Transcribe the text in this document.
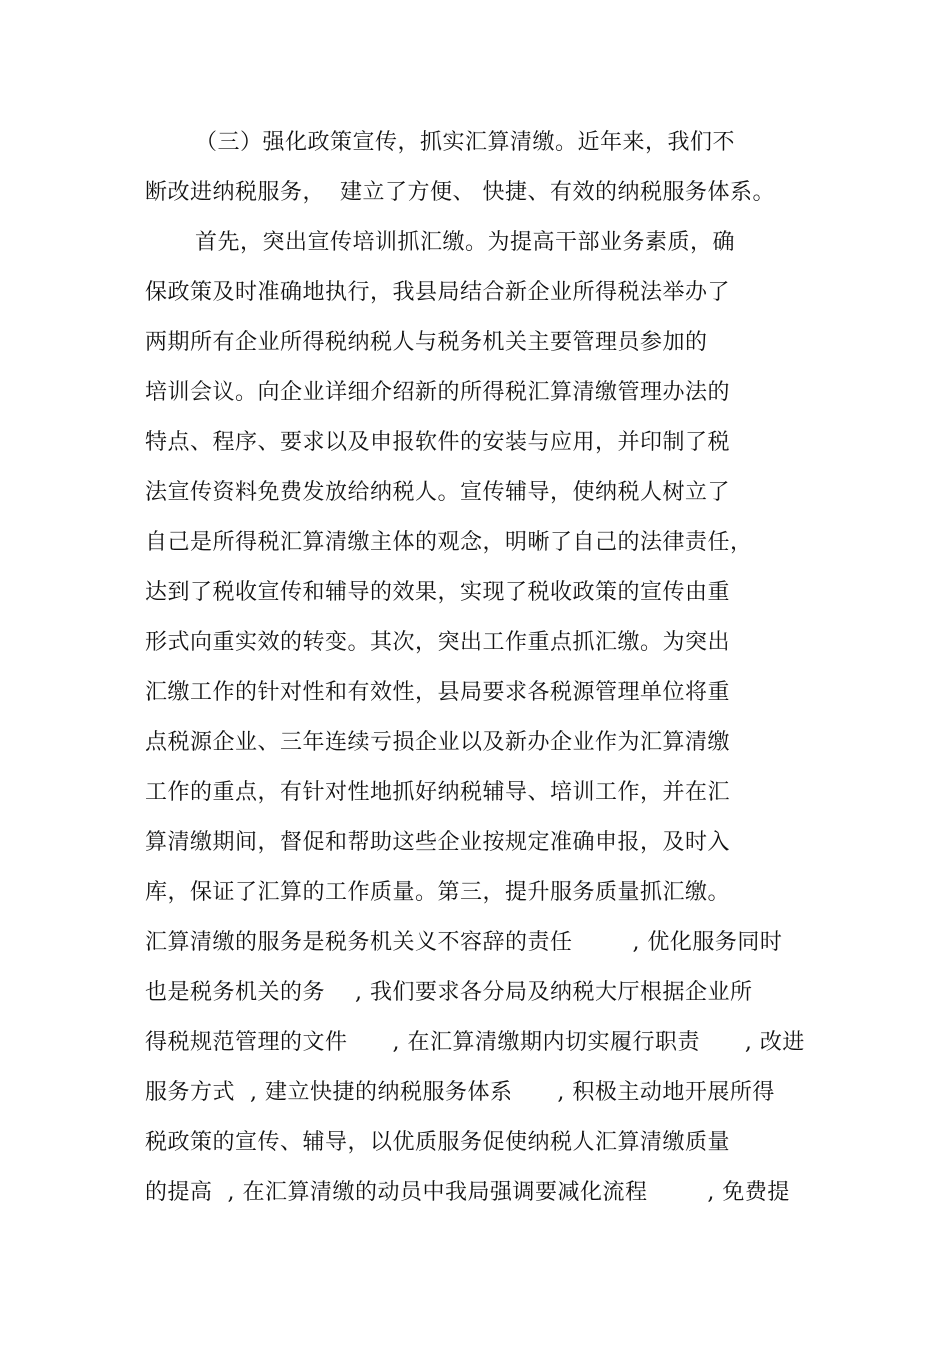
（三）强化政策宣传，抓实汇算清缴。近年来，我们不
断改进纳税服务，  建立了方便、 快捷、有效的纳税服务体系。
首先，突出宣传培训抓汇缴。为提高干部业务素质，确
保政策及时准确地执行，我县局结合新企业所得税法举办了
两期所有企业所得税纳税人与税务机关主要管理员参加的
培训会议。向企业详细介绍新的所得税汇算清缴管理办法的
特点、程序、要求以及申报软件的安装与应用，并印制了税
法宣传资料免费发放给纳税人。宣传辅导，使纳税人树立了
自己是所得税汇算清缴主体的观念，明晰了自己的法律责任，
达到了税收宣传和辅导的效果，实现了税收政策的宣传由重
形式向重实效的转变。其次，突出工作重点抓汇缴。为突出
汇缴工作的针对性和有效性，县局要求各税源管理单位将重
点税源企业、三年连续亏损企业以及新办企业作为汇算清缴
工作的重点，有针对性地抓好纳税辅导、培训工作，并在汇
算清缴期间，督促和帮助这些企业按规定准确申报，及时入
库，保证了汇算的工作质量。第三，提升服务质量抓汇缴。
汇算清缴的服务是税务机关义不容辞的责任        , 优化服务同时
也是税务机关的务    , 我们要求各分局及纳税大厅根据企业所
得税规范管理的文件      , 在汇算清缴期内切实履行职责      , 改进
服务方式  , 建立快捷的纳税服务体系      , 积极主动地开展所得
税政策的宣传、辅导，以优质服务促使纳税人汇算清缴质量
的提高  , 在汇算清缴的动员中我局强调要减化流程        , 免费提
